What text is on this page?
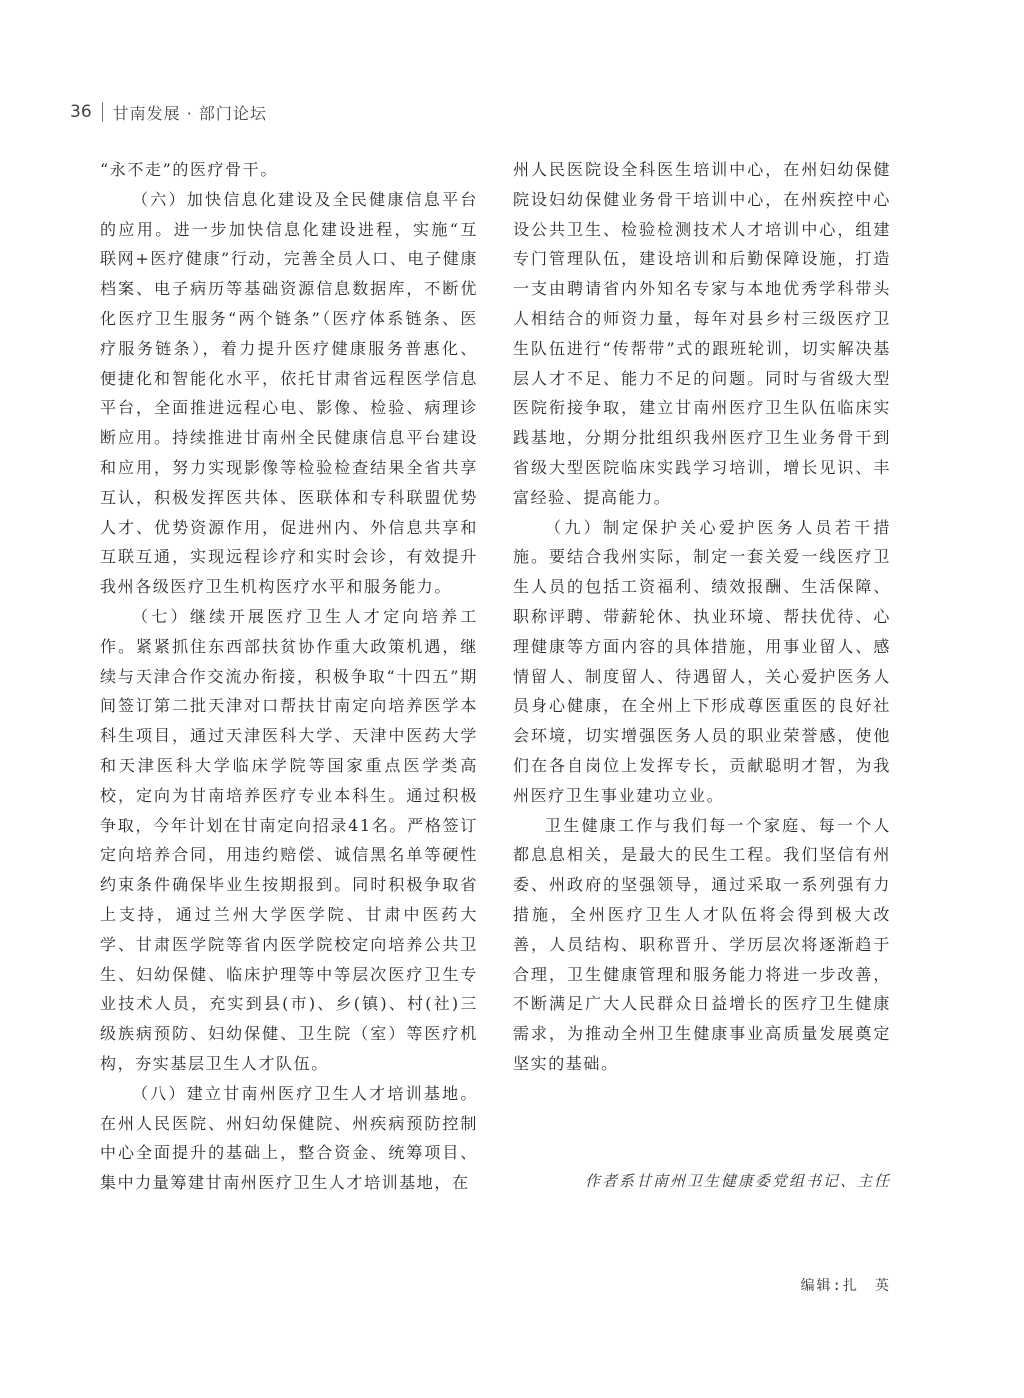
36 甘南发展 · 部门论坛

“永不走”的医疗骨干。

（六）加快信息化建设及全民健康信息平台的应用。进一步加快信息化建设进程，实施“互联网+医疗健康”行动，完善全员人口、电子健康档案、电子病历等基础资源信息数据库，不断优化医疗卫生服务“两个链条”（医疗体系链条、医疗服务链条），着力提升医疗健康服务普惠化、便捷化和智能化水平，依托甘肃省远程医学信息平台，全面推进远程心电、影像、检验、病理诊断应用。持续推进甘南州全民健康信息平台建设和应用，努力实现影像等检验检查结果全省共享互认，积极发挥医共体、医联体和专科联盟优势人才、优势资源作用，促进州内、外信息共享和互联互通，实现远程诊疗和实时会诊，有效提升我州各级医疗卫生机构医疗水平和服务能力。

（七）继续开展医疗卫生人才定向培养工作。紧紧抓住东西部扶贫协作重大政策机遇，继续与天津合作交流办衔接，积极争取“十四五”期间签订第二批天津对口帮扶甘南定向培养医学本科生项目，通过天津医科大学、天津中医药大学和天津医科大学临床学院等国家重点医学类高校，定向为甘南培养医疗专业本科生。通过积极争取，今年计划在甘南定向招录41名。严格签订定向培养合同，用违约赔偿、诚信黑名单等硬性约束条件确保毕业生按期报到。同时积极争取省上支持，通过兰州大学医学院、甘肃中医药大学、甘肃医学院等省内医学院校定向培养公共卫生、妇幼保健、临床护理等中等层次医疗卫生专业技术人员，充实到县(市)、乡(镇)、村(社)三级族病预防、妇幼保健、卫生院（室）等医疗机构，夯实基层卫生人才队伍。

（八）建立甘南州医疗卫生人才培训基地。在州人民医院、州妇幼保健院、州疾病预防控制中心全面提升的基础上，整合资金、统筹项目、集中力量筹建甘南州医疗卫生人才培训基地，在

州人民医院设全科医生培训中心，在州妇幼保健院设妇幼保健业务骨干培训中心，在州疾控中心设公共卫生、检验检测技术人才培训中心，组建专门管理队伍，建设培训和后勤保障设施，打造一支由聘请省内外知名专家与本地优秀学科带头人相结合的师资力量，每年对县乡村三级医疗卫生队伍进行“传帮带”式的跟班轮训，切实解决基层人才不足、能力不足的问题。同时与省级大型医院衔接争取，建立甘南州医疗卫生队伍临床实践基地，分期分批组织我州医疗卫生业务骨干到省级大型医院临床实践学习培训，增长见识、丰富经验、提高能力。

（九）制定保护关心爱护医务人员若干措施。要结合我州实际，制定一套关爱一线医疗卫生人员的包括工资福利、绩效报酬、生活保障、职称评聘、带薪轮休、执业环境、帮扶优待、心理健康等方面内容的具体措施，用事业留人、感情留人、制度留人、待遇留人，关心爱护医务人员身心健康，在全州上下形成尊医重医的良好社会环境，切实增强医务人员的职业荣誉感，使他们在各自岗位上发挥专长，贡献聪明才智，为我州医疗卫生事业建功立业。

卫生健康工作与我们每一个家庭、每一个人都息息相关，是最大的民生工程。我们坚信有州委、州政府的坚强领导，通过采取一系列强有力措施，全州医疗卫生人才队伍将会得到极大改善，人员结构、职称晋升、学历层次将逐渐趋于合理，卫生健康管理和服务能力将进一步改善，不断满足广大人民群众日益增长的医疗卫生健康需求，为推动全州卫生健康事业高质量发展奠定坚实的基础。

作者系甘南州卫生健康委党组书记、主任
编辑:扎　英
